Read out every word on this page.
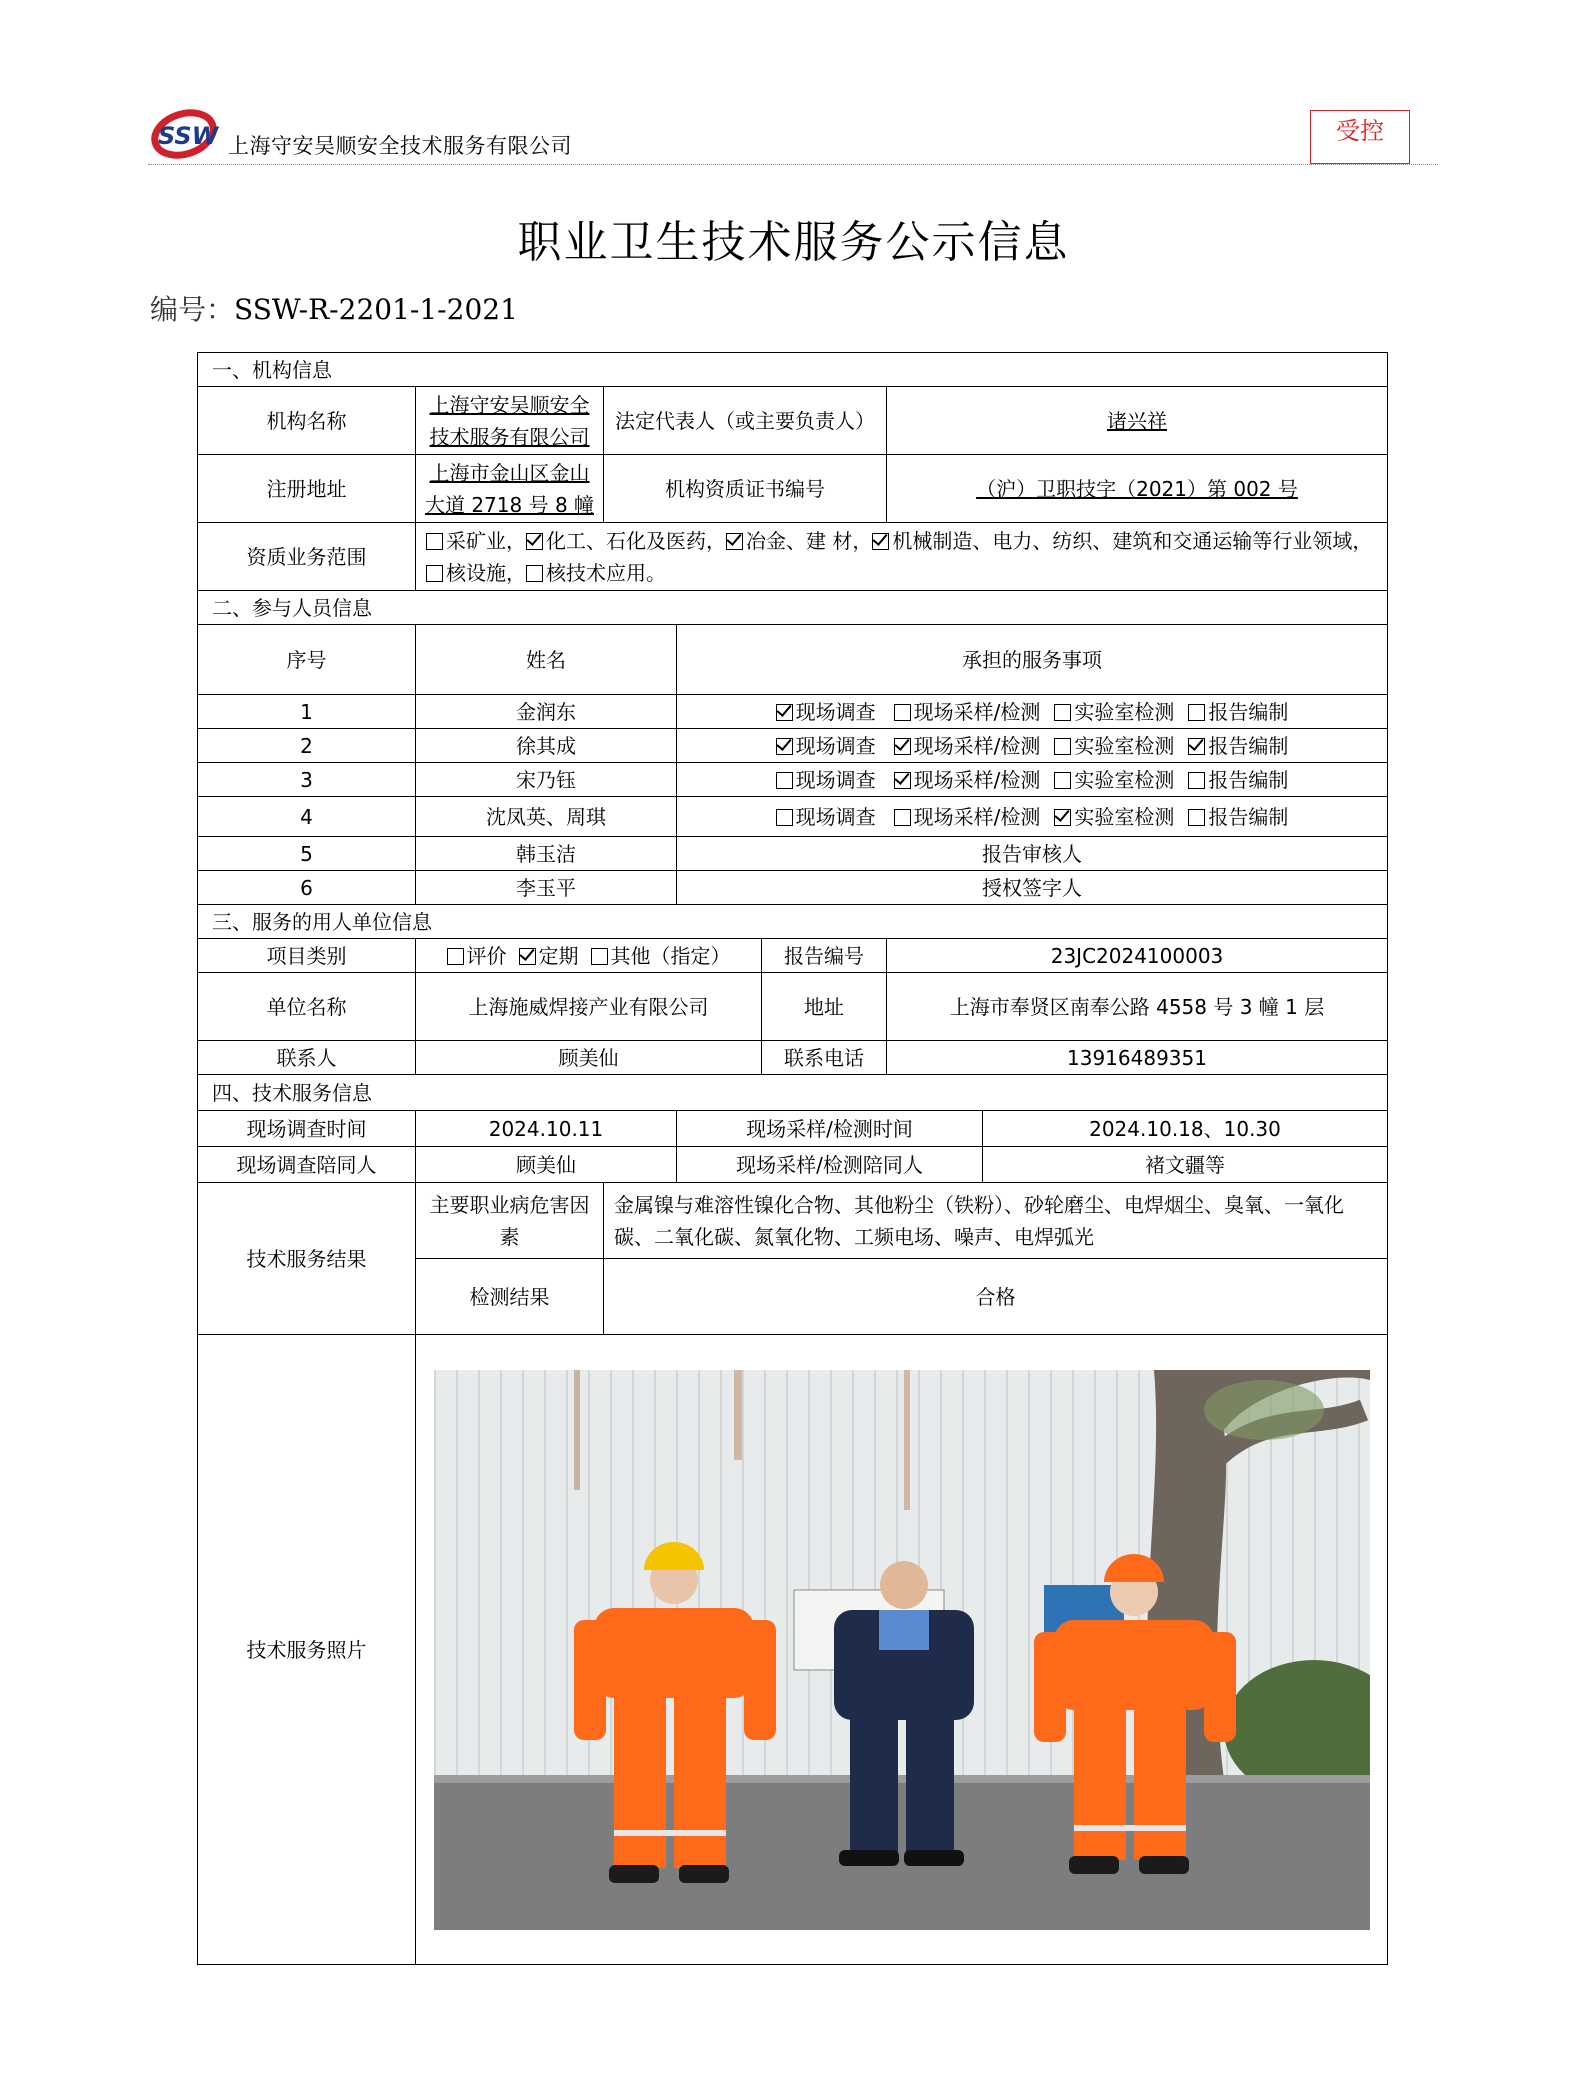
SSW 上海守安吴顺安全技术服务有限公司
受控
职业卫生技术服务公示信息
编号：SSW-R-2201-1-2021
一、机构信息						
机构名称	上海守安吴顺安全技术服务有限公司	法定代表人（或主要负责人）			诸兴祥	
注册地址	上海市金山区金山大道 2718 号 8 幢	机构资质证书编号			（沪）卫职技字（2021）第 002 号	
资质业务范围	采矿业， 化工、石化及医药， 冶金、建 材， 机械制造、电力、纺织、建筑和交通运输等行业领域，核设施， 核技术应用。					
二、参与人员信息						
序号	姓名		承担的服务事项			
1	金润东		现场调查 现场采样/检测 实验室检测 报告编制			
2	徐其成		现场调查 现场采样/检测 实验室检测 报告编制			
3	宋乃钰		现场调查 现场采样/检测 实验室检测 报告编制			
4	沈凤英、周琪		现场调查 现场采样/检测 实验室检测 报告编制			
5	韩玉洁		报告审核人			
6	李玉平		授权签字人			
三、服务的用人单位信息						
项目类别	评价 定期 其他（指定）			报告编号	23JC2024100003	
单位名称	上海施威焊接产业有限公司			地址	上海市奉贤区南奉公路 4558 号 3 幢 1 层	
联系人	顾美仙			联系电话	13916489351	
四、技术服务信息						
现场调查时间	2024.10.11		现场采样/检测时间			2024.10.18、10.30
现场调查陪同人	顾美仙		现场采样/检测陪同人			褚文疆等
技术服务结果	主要职业病危害因素	金属镍与难溶性镍化合物、其他粉尘（铁粉）、砂轮磨尘、电焊烟尘、臭氧、一氧化碳、二氧化碳、氮氧化物、工频电场、噪声、电焊弧光				
	检测结果	合格				
技术服务照片	
